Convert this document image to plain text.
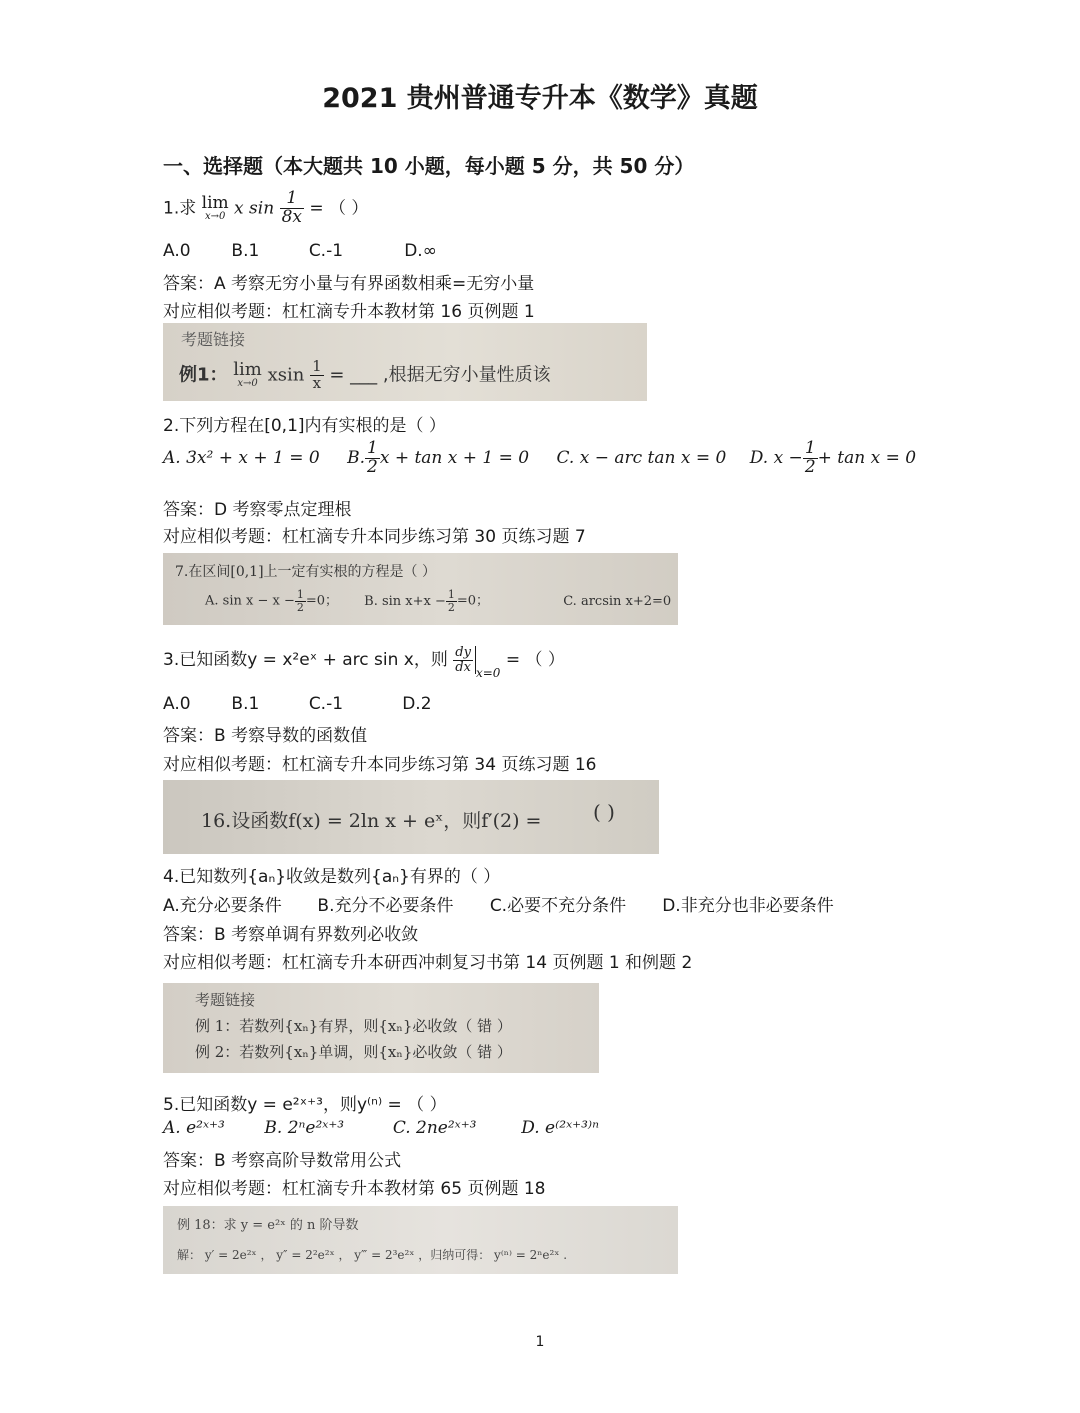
2021 贵州普通专升本《数学》真题
一、选择题（本大题共 10 小题，每小题 5 分，共 50 分）
1.求 lim
x→0 x $\sin \frac{1}{8x}$ = （ ）
A.0 B.1	C.-1	D.∞
答案：A 考察无穷小量与有界函数相乘=无穷小量
对应相似考题：杠杠滴专升本教材第 16 页例题 1
考题链接
例1： lim
x→0 xsin $\frac{1}{x}$ = ___ ,根据无穷小量性质该
2.下列方程在[0,1]内有实根的是（ ）
A. 3x² + x + 1 = 0 B. $\frac{1}{2}$ x + tan x + 1 = 0 C. x − arc tan x = 0 D. $x - \frac{1}{2} + \tan x = 0$
答案：D 考察零点定理根
对应相似考题：杠杠滴专升本同步练习第 30 页练习题 7
7.在区间[0,1]上一定有实根的方程是（ ）
A. $\sin x - x - \frac{1}{2} =0$； B. $\sin x+x - \frac{1}{2} =0$；	C. arcsin x+2=0
3.已知函数y = x²eˣ + arc sin x，则 $\frac{dy}{dx} _{x=0}$ = （ ）
A.0 B.1	C.-1	D.2
答案：B 考察导数的函数值
对应相似考题：杠杠滴专升本同步练习第 34 页练习题 16
16.设函数f(x) = 2ln x + eˣ，则f′(2) =	( )
4.已知数列{aₙ}收敛是数列{aₙ}有界的（ ）
A.充分必要条件 B.充分不必要条件 C.必要不充分条件 D.非充分也非必要条件
答案：B 考察单调有界数列必收敛
对应相似考题：杠杠滴专升本研西冲刺复习书第 14 页例题 1 和例题 2
考题链接
例 1：若数列{xₙ}有界，则{xₙ}必收敛（ 错 ）
例 2：若数列{xₙ}单调，则{xₙ}必收敛（ 错 ）
5.已知函数y = e²ˣ⁺³，则y⁽ⁿ⁾ = （ ）
A. e²ˣ⁺³ B. 2ⁿe²ˣ⁺³	C. 2ne²ˣ⁺³	D. e⁽²ˣ⁺³⁾ⁿ
答案：B 考察高阶导数常用公式
对应相似考题：杠杠滴专升本教材第 65 页例题 18
例 18：求 y = e²ˣ 的 n 阶导数
解： y′ = 2e²ˣ ， y″ = 2²e²ˣ ， y‴ = 2³e²ˣ ，归纳可得： y⁽ⁿ⁾ = 2ⁿe²ˣ .
1
